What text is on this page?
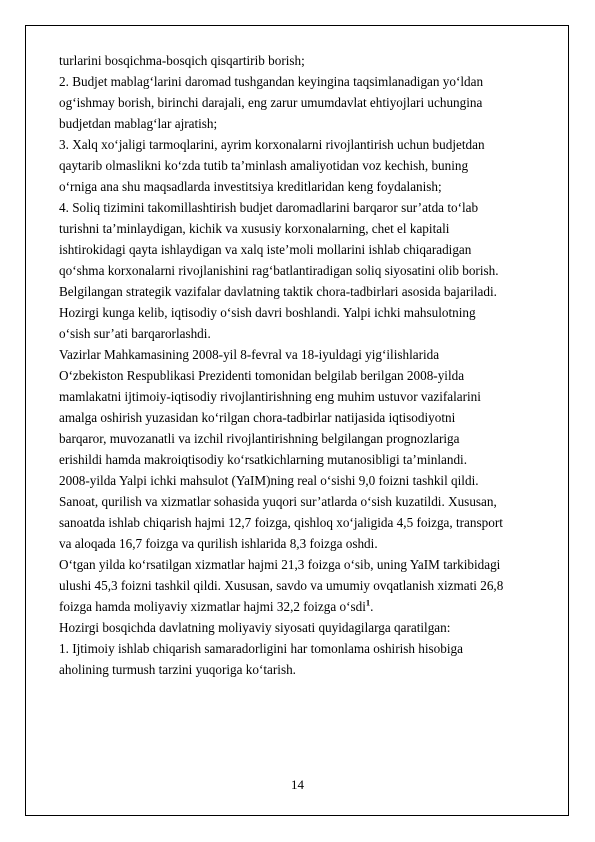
turlarini bosqichma-bosqich qisqartirib borish;
2. Budjet mablag‘larini daromad tushgandan keyingina taqsimlanadigan yo‘ldan
og‘ishmay borish, birinchi darajali, eng zarur umumdavlat ehtiyojlari uchungina
budjetdan mablag‘lar ajratish;
3. Xalq xo‘jaligi tarmoqlarini, ayrim korxonalarni rivojlantirish uchun budjetdan
qaytarib olmaslikni ko‘zda tutib ta’minlash amaliyotidan voz kechish, buning
o‘rniga ana shu maqsadlarda investitsiya kreditlaridan keng foydalanish;
4. Soliq tizimini takomillashtirish budjet daromadlarini barqaror sur’atda to‘lab
turishni ta’minlaydigan, kichik va xususiy korxonalarning, chet el kapitali
ishtirokidagi qayta ishlaydigan va xalq iste’moli mollarini ishlab chiqaradigan
qo‘shma korxonalarni rivojlanishini rag‘batlantiradigan soliq siyosatini olib borish.
Belgilangan strategik vazifalar davlatning taktik chora-tadbirlari asosida bajariladi.
Hozirgi kunga kelib, iqtisodiy o‘sish davri boshlandi. Yalpi ichki mahsulotning
o‘sish sur’ati barqarorlashdi.
Vazirlar Mahkamasining 2008-yil 8-fevral va 18-iyuldagi yig‘ilishlarida
O‘zbekiston Respublikasi Prezidenti tomonidan belgilab berilgan 2008-yilda
mamlakatni ijtimoiy-iqtisodiy rivojlantirishning eng muhim ustuvor vazifalarini
amalga oshirish yuzasidan ko‘rilgan chora-tadbirlar natijasida iqtisodiyotni
barqaror, muvozanatli va izchil rivojlantirishning belgilangan prognozlariga
erishildi hamda makroiqtisodiy ko‘rsatkichlarning mutanosibligi ta’minlandi.
2008-yilda Yalpi ichki mahsulot (YaIM)ning real o‘sishi 9,0 foizni tashkil qildi.
Sanoat, qurilish va xizmatlar sohasida yuqori sur’atlarda o‘sish kuzatildi. Xususan,
sanoatda ishlab chiqarish hajmi 12,7 foizga, qishloq xo‘jaligida 4,5 foizga, transport
va aloqada 16,7 foizga va qurilish ishlarida 8,3 foizga oshdi.
O‘tgan yilda ko‘rsatilgan xizmatlar hajmi 21,3 foizga o‘sib, uning YaIM tarkibidagi
ulushi 45,3 foizni tashkil qildi. Xususan, savdo va umumiy ovqatlanish xizmati 26,8
foizga hamda moliyaviy xizmatlar hajmi 32,2 foizga o‘sdi$^1$.
Hozirgi bosqichda davlatning moliyaviy siyosati quyidagilarga qaratilgan:
1. Ijtimoiy ishlab chiqarish samaradorligini har tomonlama oshirish hisobiga
aholining turmush tarzini yuqoriga ko‘tarish.
14
